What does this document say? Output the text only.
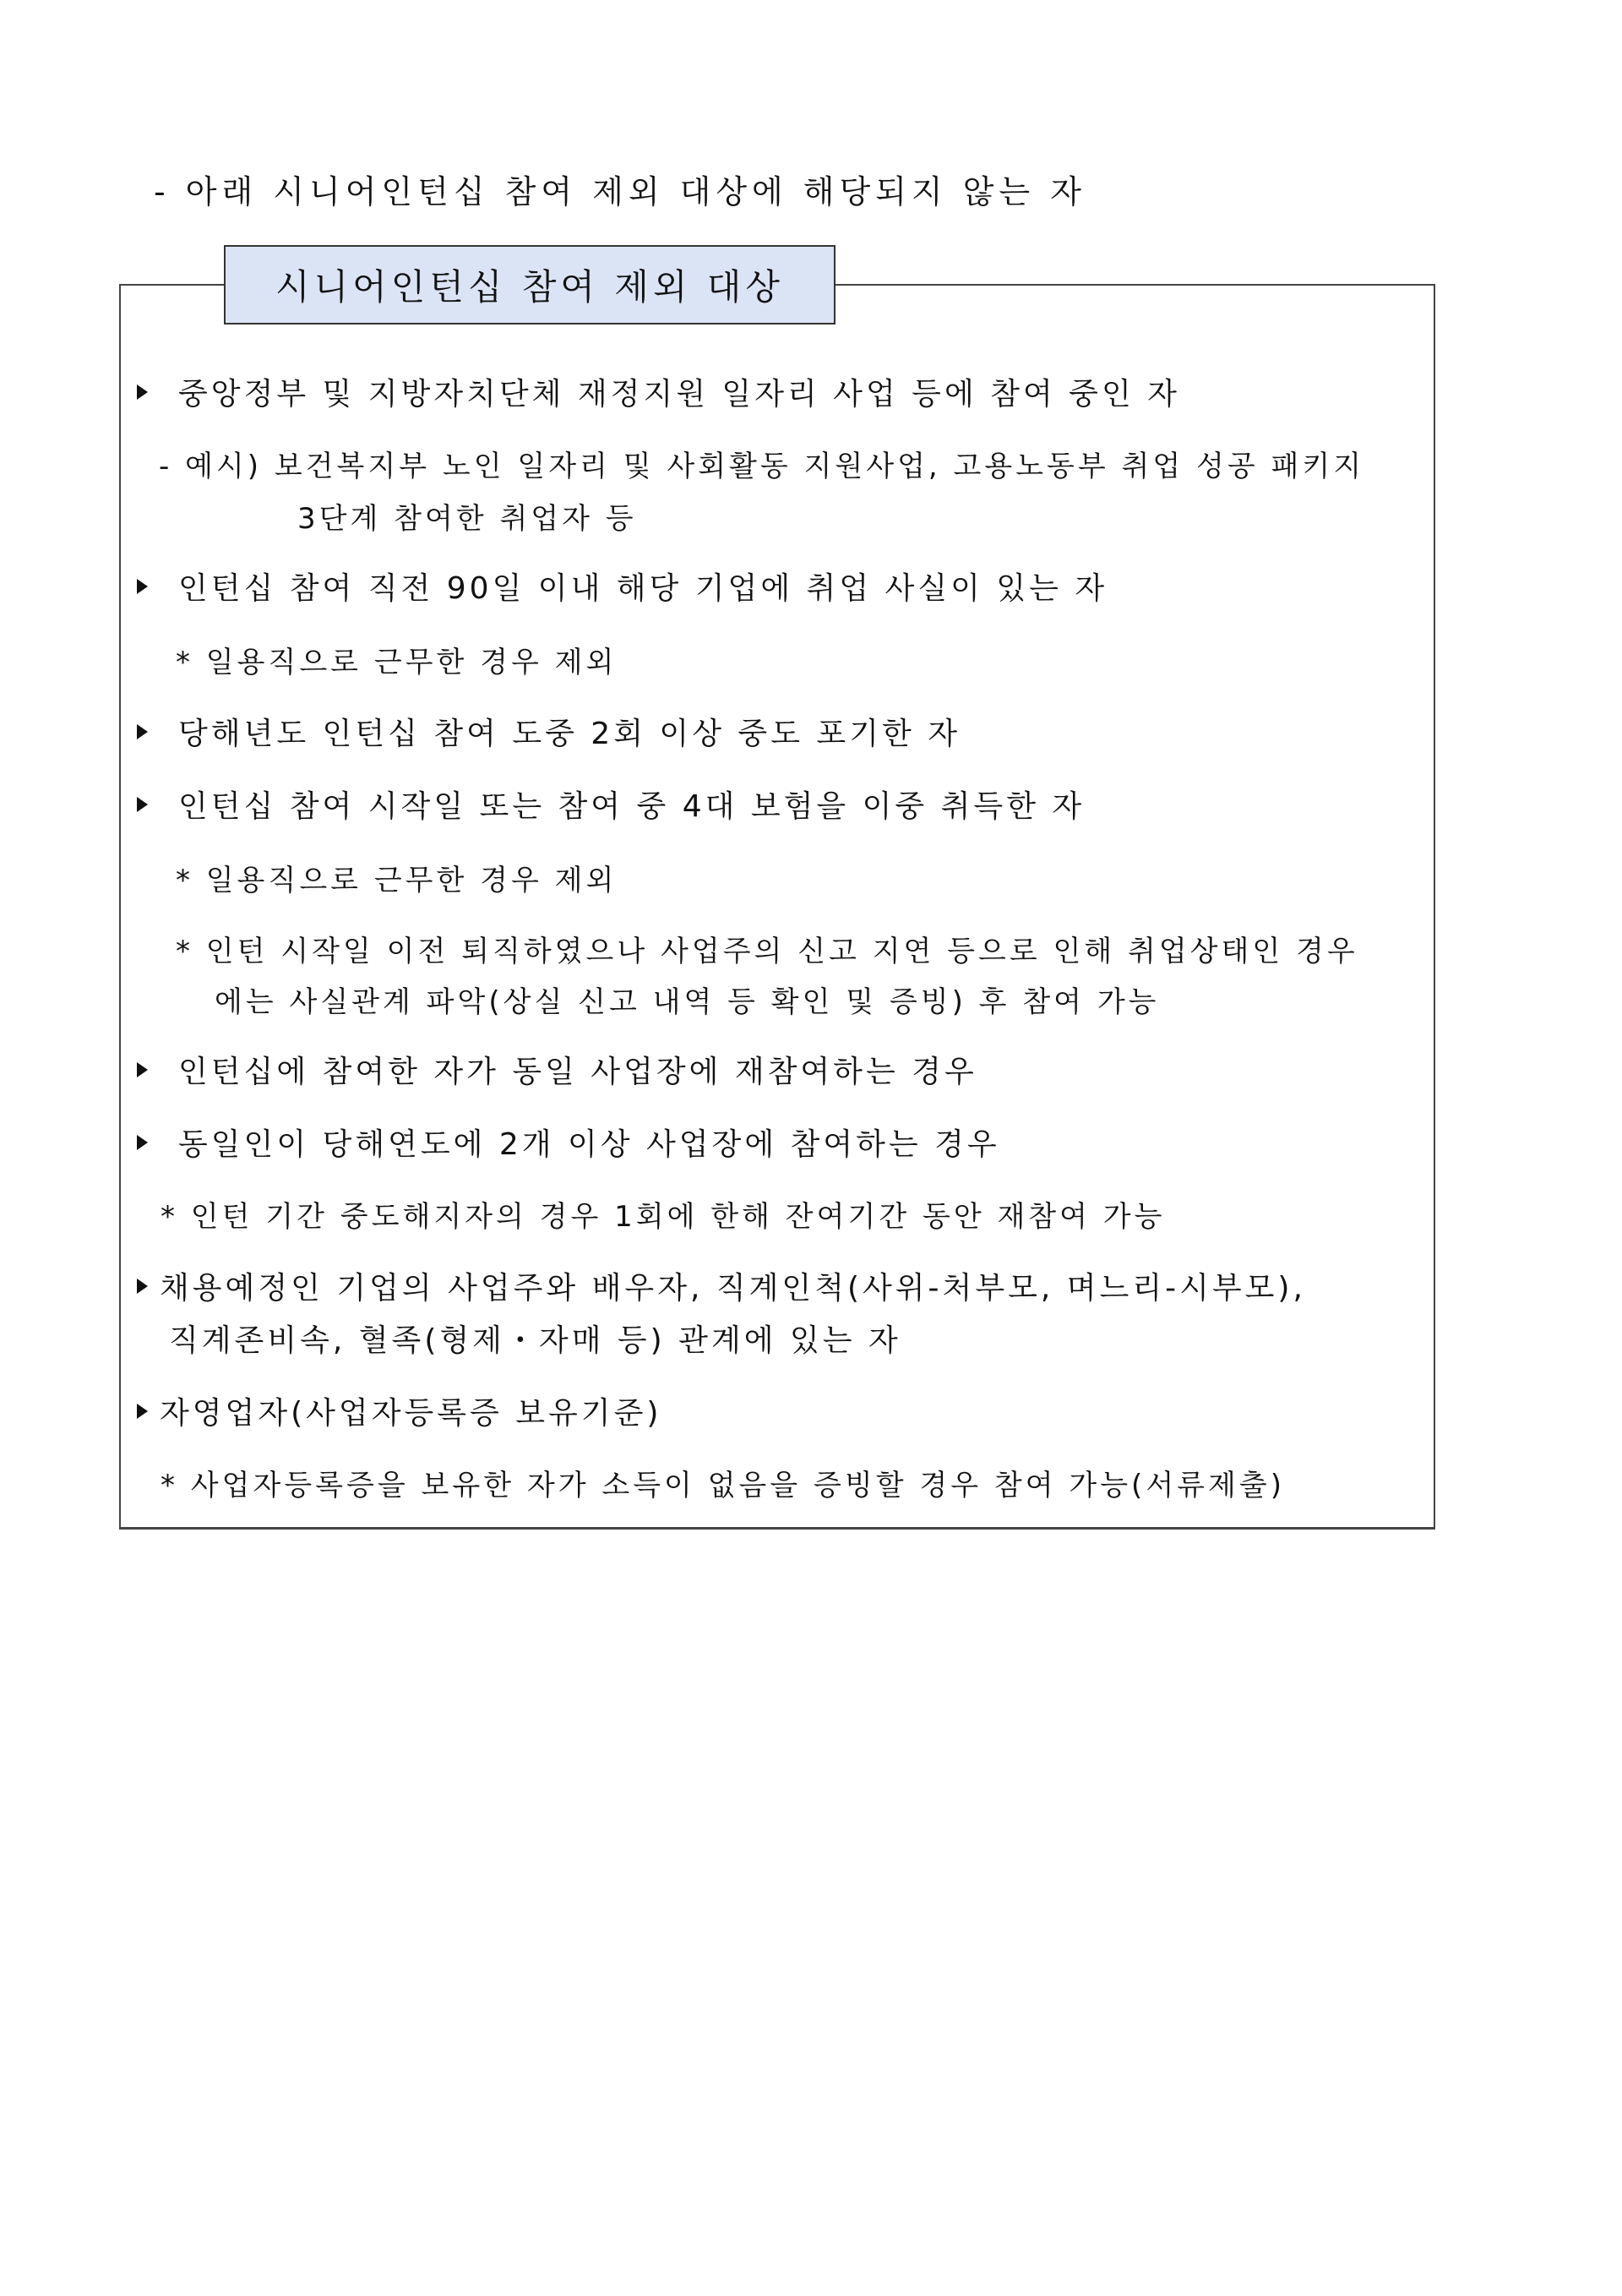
- 아래 시니어인턴십 참여 제외 대상에 해당되지 않는 자
시니어인턴십 참여 제외 대상
중앙정부 및 지방자치단체 재정지원 일자리 사업 등에 참여 중인 자
- 예시) 보건복지부 노인 일자리 및 사회활동 지원사업, 고용노동부 취업 성공 패키지
3단계 참여한 취업자 등
인턴십 참여 직전 90일 이내 해당 기업에 취업 사실이 있는 자
* 일용직으로 근무한 경우 제외
당해년도 인턴십 참여 도중 2회 이상 중도 포기한 자
인턴십 참여 시작일 또는 참여 중 4대 보험을 이중 취득한 자
* 일용직으로 근무한 경우 제외
* 인턴 시작일 이전 퇴직하였으나 사업주의 신고 지연 등으로 인해 취업상태인 경우
에는 사실관계 파악(상실 신고 내역 등 확인 및 증빙) 후 참여 가능
인턴십에 참여한 자가 동일 사업장에 재참여하는 경우
동일인이 당해연도에 2개 이상 사업장에 참여하는 경우
* 인턴 기간 중도해지자의 경우 1회에 한해 잔여기간 동안 재참여 가능
채용예정인 기업의 사업주와 배우자, 직계인척(사위-처부모, 며느리-시부모),
직계존비속, 혈족(형제・자매 등) 관계에 있는 자
자영업자(사업자등록증 보유기준)
* 사업자등록증을 보유한 자가 소득이 없음을 증빙할 경우 참여 가능(서류제출)
